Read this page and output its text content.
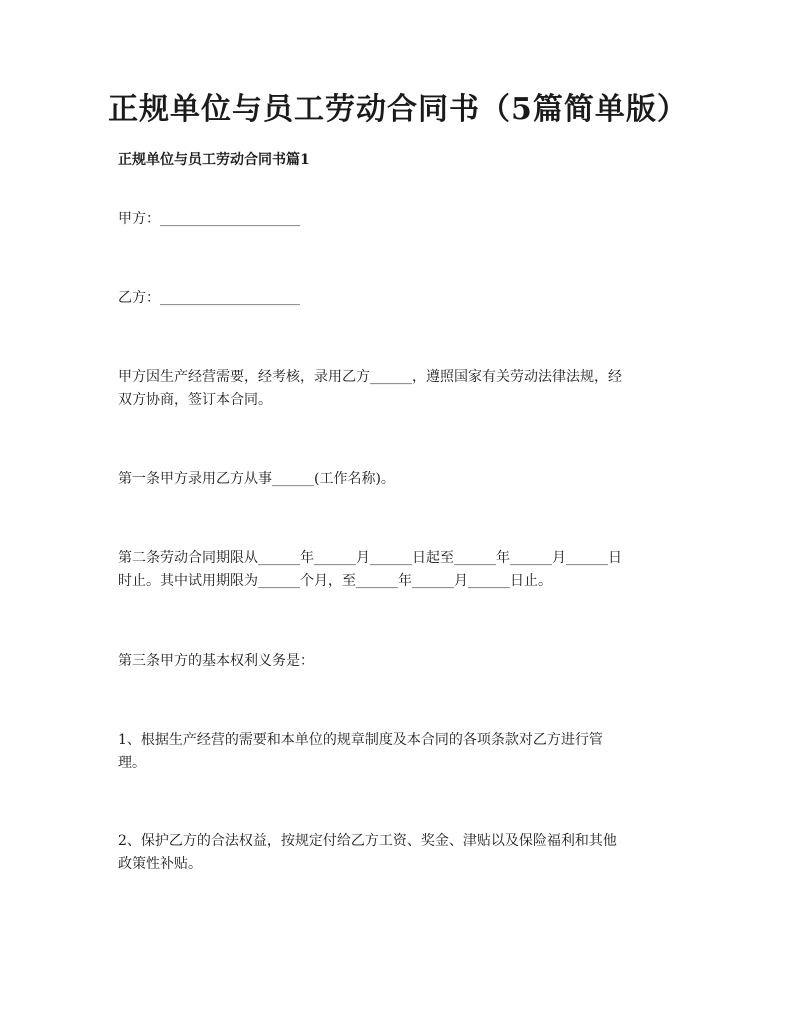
正规单位与员工劳动合同书（5篇简单版）
正规单位与员工劳动合同书篇1
甲方：____________________
乙方：____________________
甲方因生产经营需要，经考核，录用乙方______，遵照国家有关劳动法律法规，经
双方协商，签订本合同。
第一条甲方录用乙方从事______(工作名称)。
第二条劳动合同期限从______年______月______日起至______年______月______日
时止。其中试用期限为______个月，至______年______月______日止。
第三条甲方的基本权利义务是：
1、根据生产经营的需要和本单位的规章制度及本合同的各项条款对乙方进行管
理。
2、保护乙方的合法权益，按规定付给乙方工资、奖金、津贴以及保险福利和其他
政策性补贴。
